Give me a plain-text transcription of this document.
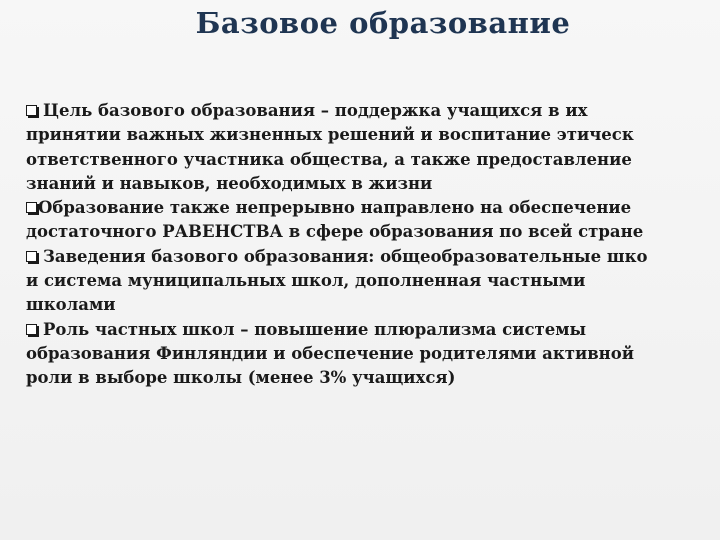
Базовое образование
Цель базового образования – поддержка учащихся в их
принятии важных жизненных решений и воспитание этическ
ответственного участника общества, а также предоставление
знаний и навыков, необходимых в жизни
Образование также непрерывно направлено на обеспечение
достаточного РАВЕНСТВА в сфере образования по всей стране
Заведения базового образования: общеобразовательные шко
и система муниципальных школ, дополненная частными
школами
Роль частных школ – повышение плюрализма системы
образования Финляндии и обеспечение родителями активной
роли в выборе школы (менее 3% учащихся)
